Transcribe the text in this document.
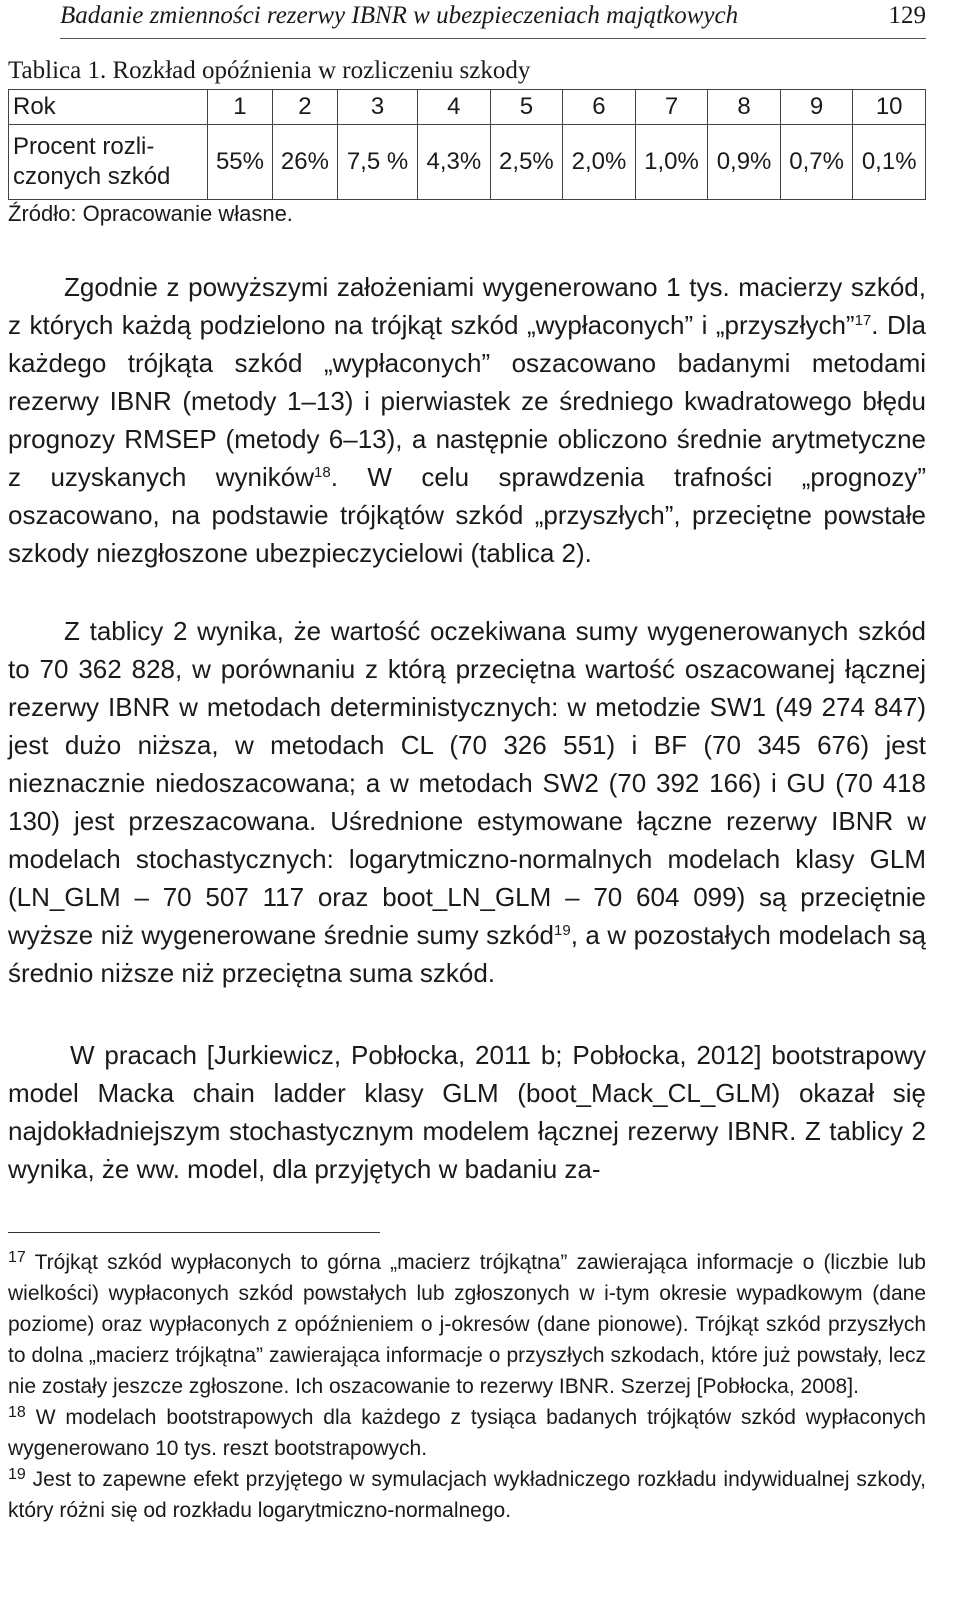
Badanie zmienności rezerwy IBNR w ubezpieczeniach majątkowych	129
Tablica 1. Rozkład opóźnienia w rozliczeniu szkody
Rok	1	2	3	4	5	6	7	8	9	10
Procent rozli-czonych szkód	55%	26%	7,5 %	4,3%	2,5%	2,0%	1,0%	0,9%	0,7%	0,1%
Źródło: Opracowanie własne.

Zgodnie z powyższymi założeniami wygenerowano 1 tys. macierzy szkód, z których każdą podzielono na trójkąt szkód „wypłaconych” i „przyszłych”$^{17}$. Dla każdego trójkąta szkód „wypłaconych” oszacowano badanymi metodami rezerwy IBNR (metody 1–13) i pierwiastek ze średniego kwadratowego błędu prognozy RMSEP (metody 6–13), a następnie obliczono średnie arytmetyczne z uzyskanych wyników$^{18}$. W celu sprawdzenia trafności „prognozy” oszacowano, na podstawie trójkątów szkód „przyszłych”, przeciętne powstałe szkody niezgłoszone ubezpieczycielowi (tablica 2).

Z tablicy 2 wynika, że wartość oczekiwana sumy wygenerowanych szkód to 70 362 828, w porównaniu z którą przeciętna wartość oszacowanej łącznej rezerwy IBNR w metodach deterministycznych: w metodzie SW1 (49 274 847) jest dużo niższa, w metodach CL (70 326 551) i BF (70 345 676) jest nieznacznie niedoszacowana; a w metodach SW2 (70 392 166) i GU (70 418 130) jest przeszacowana. Uśrednione estymowane łączne rezerwy IBNR w modelach stochastycznych: logarytmiczno-normalnych modelach klasy GLM (LN_GLM – 70 507 117 oraz boot_LN_GLM – 70 604 099) są przeciętnie wyższe niż wygenerowane średnie sumy szkód$^{19}$, a w pozostałych modelach są średnio niższe niż przeciętna suma szkód.

W pracach [Jurkiewicz, Pobłocka, 2011 b; Pobłocka, 2012] bootstrapowy model Macka chain ladder klasy GLM (boot_Mack_CL_GLM) okazał się najdokładniejszym stochastycznym modelem łącznej rezerwy IBNR. Z tablicy 2 wynika, że ww. model, dla przyjętych w badaniu za-

$^{17}$ Trójkąt szkód wypłaconych to górna „macierz trójkątna” zawierająca informacje o (liczbie lub wielkości) wypłaconych szkód powstałych lub zgłoszonych w i-tym okresie wypadkowym (dane poziome) oraz wypłaconych z opóźnieniem o j-okresów (dane pionowe). Trójkąt szkód przyszłych to dolna „macierz trójkątna” zawierająca informacje o przyszłych szkodach, które już powstały, lecz nie zostały jeszcze zgłoszone. Ich oszacowanie to rezerwy IBNR. Szerzej [Pobłocka, 2008].

$^{18}$ W modelach bootstrapowych dla każdego z tysiąca badanych trójkątów szkód wypłaconych wygenerowano 10 tys. reszt bootstrapowych.

$^{19}$ Jest to zapewne efekt przyjętego w symulacjach wykładniczego rozkładu indywidualnej szkody, który różni się od rozkładu logarytmiczno-normalnego.
